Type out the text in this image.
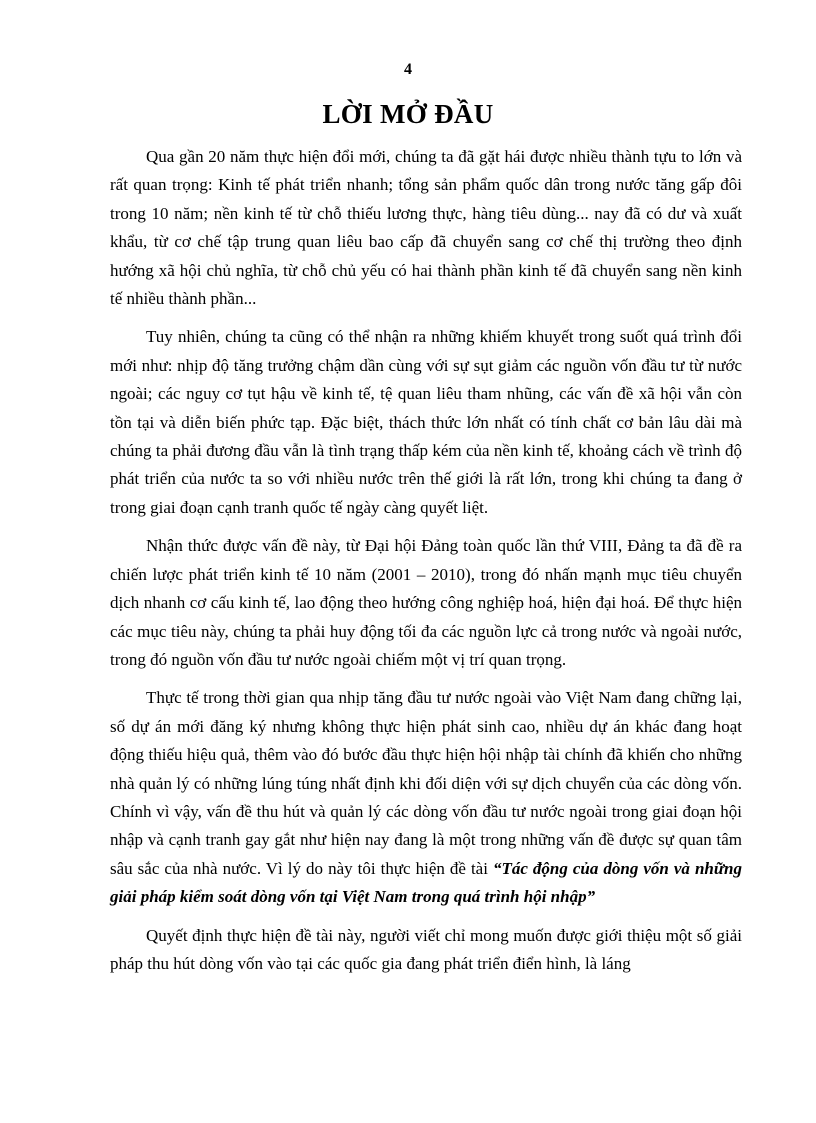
4
LỜI MỞ ĐẦU

Qua gần 20 năm thực hiện đổi mới, chúng ta đã gặt hái được nhiều thành tựu to lớn và rất quan trọng: Kinh tế phát triển nhanh; tổng sản phẩm quốc dân trong nước tăng gấp đôi trong 10 năm; nền kinh tế từ chỗ thiếu lương thực, hàng tiêu dùng... nay đã có dư và xuất khẩu, từ cơ chế tập trung quan liêu bao cấp đã chuyển sang cơ chế thị trường theo định hướng xã hội chủ nghĩa, từ chỗ chủ yếu có hai thành phần kinh tế đã chuyển sang nền kinh tế nhiều thành phần...

Tuy nhiên, chúng ta cũng có thể nhận ra những khiếm khuyết trong suốt quá trình đổi mới như: nhịp độ tăng trưởng chậm dần cùng với sự sụt giảm các nguồn vốn đầu tư từ nước ngoài; các nguy cơ tụt hậu về kinh tế, tệ quan liêu tham nhũng, các vấn đề xã hội vẫn còn tồn tại và diễn biến phức tạp. Đặc biệt, thách thức lớn nhất có tính chất cơ bản lâu dài mà chúng ta phải đương đầu vẫn là tình trạng thấp kém của nền kinh tế, khoảng cách về trình độ phát triển của nước ta so với nhiều nước trên thế giới là rất lớn, trong khi chúng ta đang ở trong giai đoạn cạnh tranh quốc tế ngày càng quyết liệt.

Nhận thức được vấn đề này, từ Đại hội Đảng toàn quốc lần thứ VIII, Đảng ta đã đề ra chiến lược phát triển kinh tế 10 năm (2001 – 2010), trong đó nhấn mạnh mục tiêu chuyển dịch nhanh cơ cấu kinh tế, lao động theo hướng công nghiệp hoá, hiện đại hoá. Để thực hiện các mục tiêu này, chúng ta phải huy động tối đa các nguồn lực cả trong nước và ngoài nước, trong đó nguồn vốn đầu tư nước ngoài chiếm một vị trí quan trọng.

Thực tế trong thời gian qua nhịp tăng đầu tư nước ngoài vào Việt Nam đang chững lại, số dự án mới đăng ký nhưng không thực hiện phát sinh cao, nhiều dự án khác đang hoạt động thiếu hiệu quả, thêm vào đó bước đầu thực hiện hội nhập tài chính đã khiến cho những nhà quản lý có những lúng túng nhất định khi đối diện với sự dịch chuyển của các dòng vốn. Chính vì vậy, vấn đề thu hút và quản lý các dòng vốn đầu tư nước ngoài trong giai đoạn hội nhập và cạnh tranh gay gắt như hiện nay đang là một trong những vấn đề được sự quan tâm sâu sắc của nhà nước. Vì lý do này tôi thực hiện đề tài “Tác động của dòng vốn và những giải pháp kiểm soát dòng vốn tại Việt Nam trong quá trình hội nhập”

Quyết định thực hiện đề tài này, người viết chỉ mong muốn được giới thiệu một số giải pháp thu hút dòng vốn vào tại các quốc gia đang phát triển điển hình, là láng
